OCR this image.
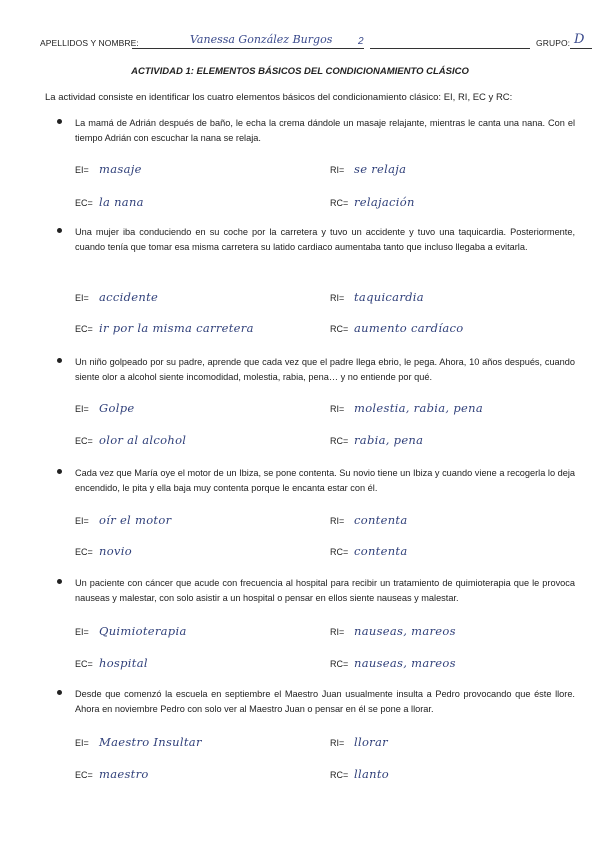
APELLIDOS Y NOMBRE:	Vanessa González Burgos	2	GRUPO: D
ACTIVIDAD 1: ELEMENTOS BÁSICOS DEL CONDICIONAMIENTO CLÁSICO
La actividad consiste en identificar los cuatro elementos básicos del condicionamiento clásico: EI, RI, EC y RC:
La mamá de Adrián después de baño, le echa la crema dándole un masaje relajante, mientras le canta una nana. Con el tiempo Adrián con escuchar la nana se relaja.
EI= masaje	RI= se relaja
EC= la nana	RC= relajación
Una mujer iba conduciendo en su coche por la carretera y tuvo un accidente y tuvo una taquicardia. Posteriormente, cuando tenía que tomar esa misma carretera su latido cardiaco aumentaba tanto que incluso llegaba a evitarla.
EI= accidente	RI= taquicardia
EC= ir por la misma carretera	RC= aumento cardíaco
Un niño golpeado por su padre, aprende que cada vez que el padre llega ebrio, le pega. Ahora, 10 años después, cuando siente olor a alcohol siente incomodidad, molestia, rabia, pena… y no entiende por qué.
EI= Golpe	RI= molestia, rabia, pena
EC= olor al alcohol	RC= rabia, pena
Cada vez que María oye el motor de un Ibiza, se pone contenta. Su novio tiene un Ibiza y cuando viene a recogerla lo deja encendido, le pita y ella baja muy contenta porque le encanta estar con él.
EI= oír el motor	RI= contenta
EC= novio	RC= contenta
Un paciente con cáncer que acude con frecuencia al hospital para recibir un tratamiento de quimioterapia que le provoca nauseas y malestar, con solo asistir a un hospital o pensar en ellos siente nauseas y malestar.
EI= Quimioterapia	RI= nauseas, mareos
EC= hospital	RC= nauseas, mareos
Desde que comenzó la escuela en septiembre el Maestro Juan usualmente insulta a Pedro provocando que éste llore. Ahora en noviembre Pedro con solo ver al Maestro Juan o pensar en él se pone a llorar.
EI= Maestro Insultar	RI= llorar
EC= maestro	RC= llanto
